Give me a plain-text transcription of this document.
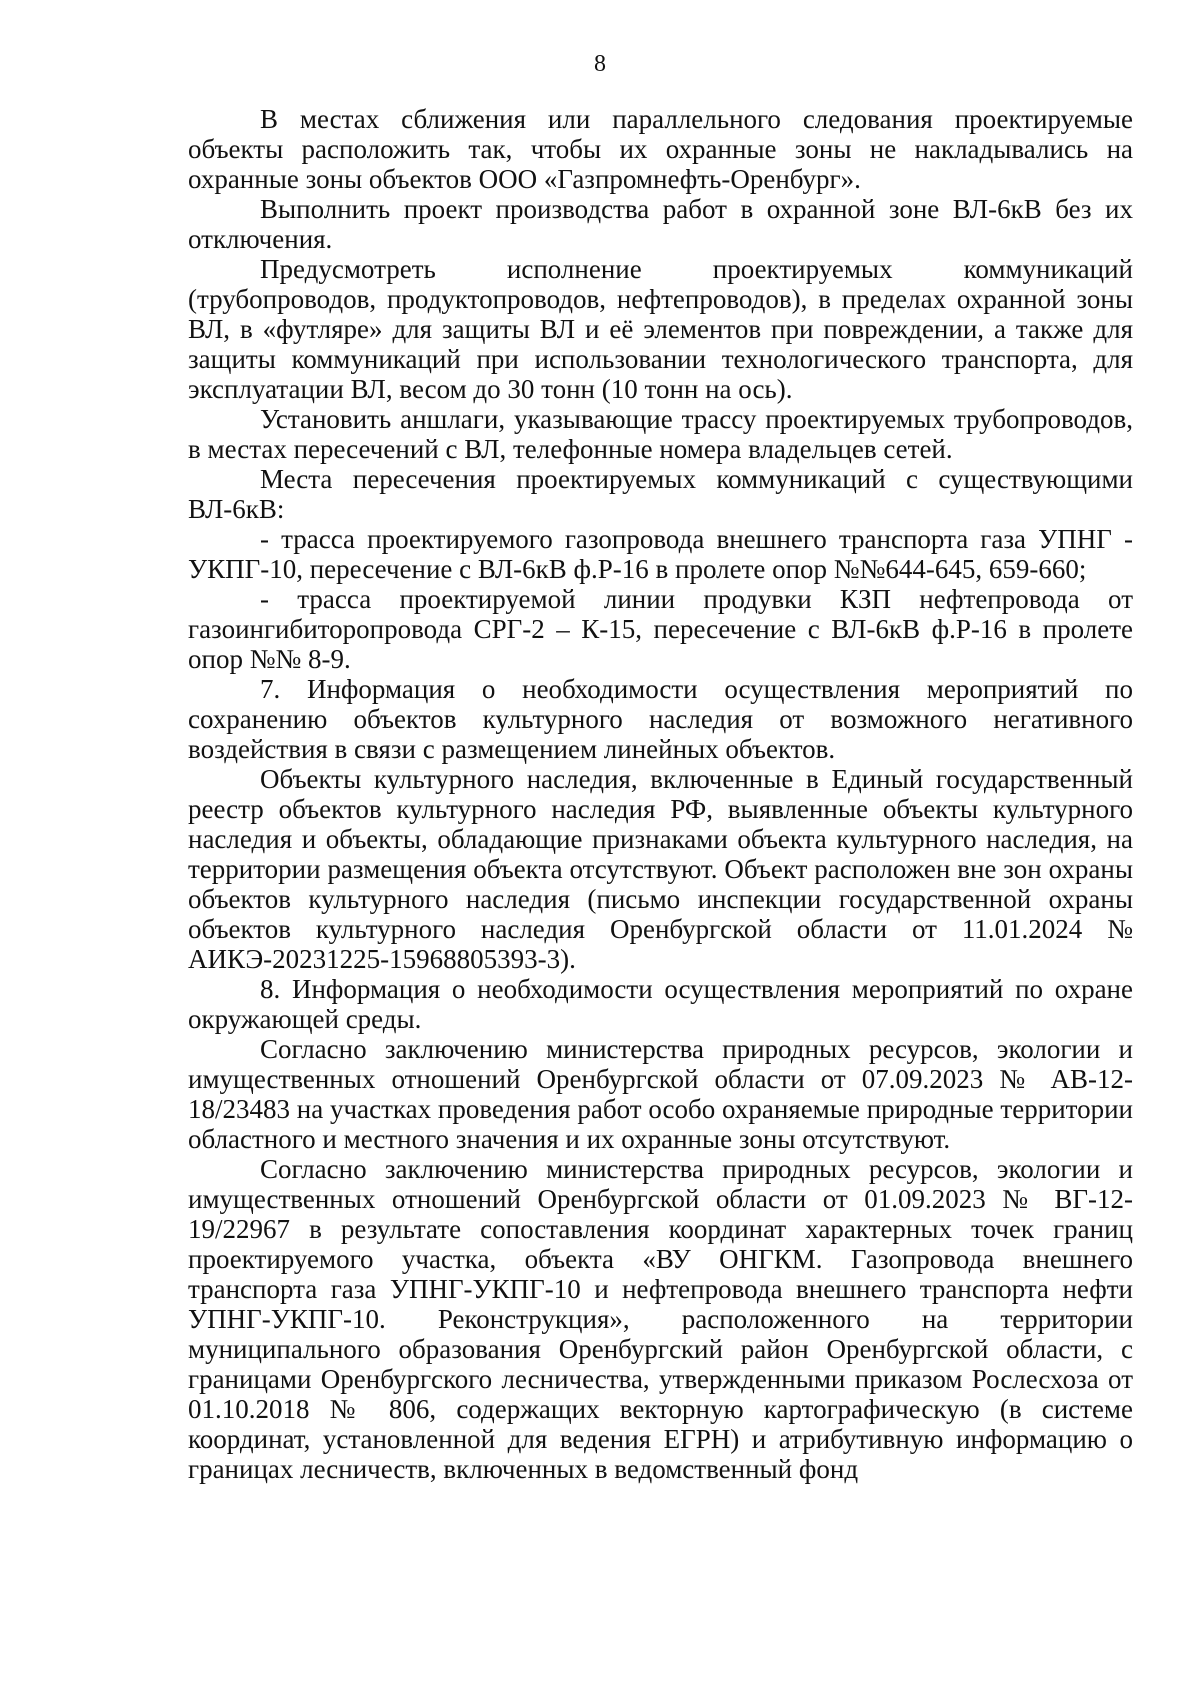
8

В местах сближения или параллельного следования проектируемые объекты расположить так, чтобы их охранные зоны не накладывались на охранные зоны объектов ООО «Газпромнефть-Оренбург».

Выполнить проект производства работ в охранной зоне ВЛ-6кВ без их отключения.

Предусмотреть исполнение проектируемых коммуникаций (трубопроводов, продуктопроводов, нефтепроводов), в пределах охранной зоны ВЛ, в «футляре» для защиты ВЛ и её элементов при повреждении, а также для защиты коммуникаций при использовании технологического транспорта, для эксплуатации ВЛ, весом до 30 тонн (10 тонн на ось).

Установить аншлаги, указывающие трассу проектируемых трубопроводов, в местах пересечений с ВЛ, телефонные номера владельцев сетей.

Места пересечения проектируемых коммуникаций с существующими ВЛ-6кВ:

- трасса проектируемого газопровода внешнего транспорта газа УПНГ - УКПГ-10, пересечение с ВЛ-6кВ ф.Р-16 в пролете опор №№644-645, 659-660;

- трасса проектируемой линии продувки КЗП нефтепровода от газоингибиторопровода СРГ-2 – К-15, пересечение с ВЛ-6кВ ф.Р-16 в пролете опор №№ 8-9.

7. Информация о необходимости осуществления мероприятий по сохранению объектов культурного наследия от возможного негативного воздействия в связи с размещением линейных объектов.

Объекты культурного наследия, включенные в Единый государственный реестр объектов культурного наследия РФ, выявленные объекты культурного наследия и объекты, обладающие признаками объекта культурного наследия, на территории размещения объекта отсутствуют. Объект расположен вне зон охраны объектов культурного наследия (письмо инспекции государственной охраны объектов культурного наследия Оренбургской области от 11.01.2024 № АИКЭ-20231225-15968805393-3).

8. Информация о необходимости осуществления мероприятий по охране окружающей среды.

Согласно заключению министерства природных ресурсов, экологии и имущественных отношений Оренбургской области от 07.09.2023 № АВ-12-18/23483 на участках проведения работ особо охраняемые природные территории областного и местного значения и их охранные зоны отсутствуют.

Согласно заключению министерства природных ресурсов, экологии и имущественных отношений Оренбургской области от 01.09.2023 № ВГ-12-19/22967 в результате сопоставления координат характерных точек границ проектируемого участка, объекта «ВУ ОНГКМ. Газопровода внешнего транспорта газа УПНГ-УКПГ-10 и нефтепровода внешнего транспорта нефти УПНГ-УКПГ-10. Реконструкция», расположенного на территории муниципального образования Оренбургский район Оренбургской области, с границами Оренбургского лесничества, утвержденными приказом Рослесхоза от 01.10.2018 № 806, содержащих векторную картографическую (в системе координат, установленной для ведения ЕГРН) и атрибутивную информацию о границах лесничеств, включенных в ведомственный фонд
